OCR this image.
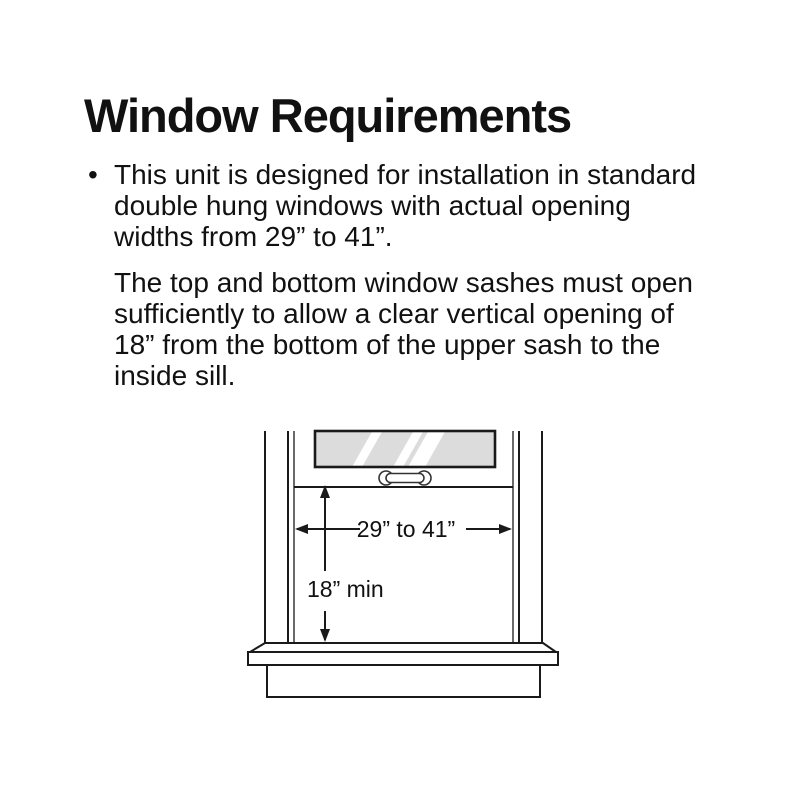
Window Requirements
• This unit is designed for installation in standard
double hung windows with actual opening
widths from 29” to 41”.
The top and bottom window sashes must open
sufficiently to allow a clear vertical opening of
18” from the bottom of the upper sash to the
inside sill.
29” to 41”
18” min
